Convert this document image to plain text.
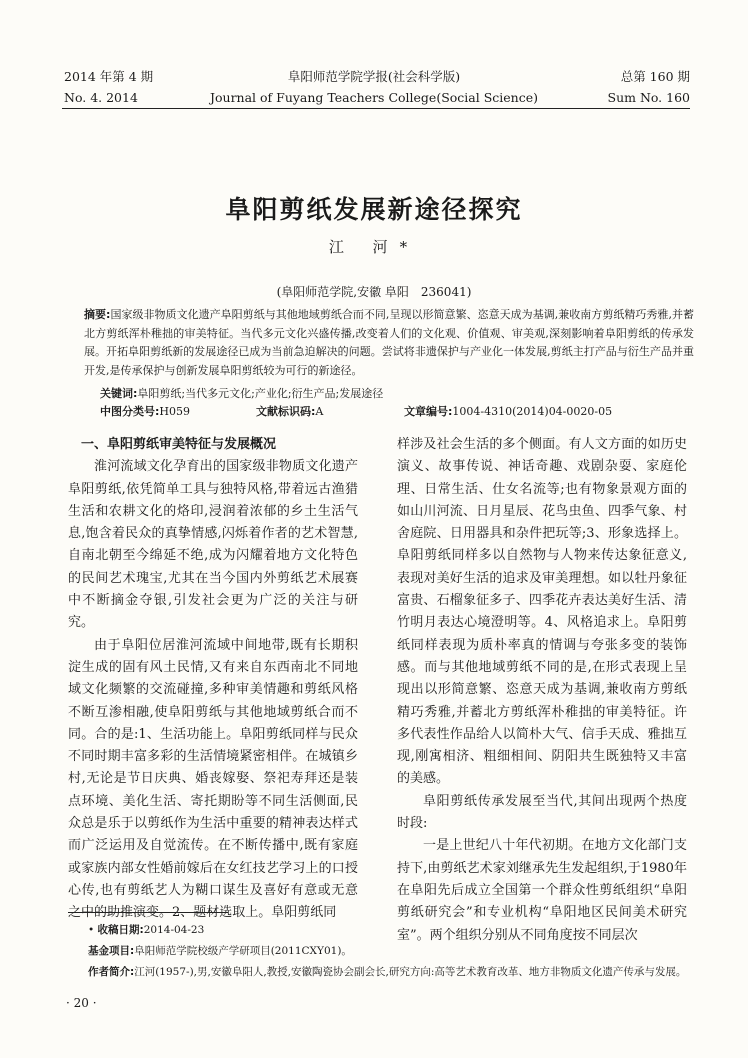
2014 年第 4 期
No. 4. 2014
阜阳师范学院学报(社会科学版)
Journal of Fuyang Teachers College(Social Science)
总第 160 期
Sum No. 160
阜阳剪纸发展新途径探究
江 河*
(阜阳师范学院,安徽 阜阳　236041)
摘要:国家级非物质文化遗产阜阳剪纸与其他地域剪纸合而不同,呈现以形简意繁、恣意天成为基调,兼收南方剪纸精巧秀雅,并蓄北方剪纸浑朴稚拙的审美特征。当代多元文化兴盛传播,改变着人们的文化观、价值观、审美观,深刻影响着阜阳剪纸的传承发展。开拓阜阳剪纸新的发展途径已成为当前急迫解决的问题。尝试将非遗保护与产业化一体发展,剪纸主打产品与衍生产品并重开发,是传承保护与创新发展阜阳剪纸较为可行的新途径。
关键词:阜阳剪纸;当代多元文化;产业化;衍生产品;发展途径
中图分类号:H059	文献标识码:A	文章编号:1004-4310(2014)04-0020-05
一、阜阳剪纸审美特征与发展概况

淮河流域文化孕育出的国家级非物质文化遗产阜阳剪纸,依凭简单工具与独特风格,带着远古渔猎生活和农耕文化的烙印,浸润着浓郁的乡土生活气息,饱含着民众的真挚情感,闪烁着作者的艺术智慧,自南北朝至今绵延不绝,成为闪耀着地方文化特色的民间艺术瑰宝,尤其在当今国内外剪纸艺术展赛中不断摘金夺银,引发社会更为广泛的关注与研究。

由于阜阳位居淮河流域中间地带,既有长期积淀生成的固有风土民情,又有来自东西南北不同地域文化频繁的交流碰撞,多种审美情趣和剪纸风格不断互渗相融,使阜阳剪纸与其他地域剪纸合而不同。合的是:1、生活功能上。阜阳剪纸同样与民众不同时期丰富多彩的生活情境紧密相伴。在城镇乡村,无论是节日庆典、婚丧嫁娶、祭祀寿拜还是装点环境、美化生活、寄托期盼等不同生活侧面,民众总是乐于以剪纸作为生活中重要的精神表达样式而广泛运用及自觉流传。在不断传播中,既有家庭或家族内部女性婚前嫁后在女红技艺学习上的口授心传,也有剪纸艺人为糊口谋生及喜好有意或无意之中的助推演变。2、题材选取上。阜阳剪纸同

样涉及社会生活的多个侧面。有人文方面的如历史演义、故事传说、神话奇趣、戏剧杂耍、家庭伦理、日常生活、仕女名流等;也有物象景观方面的如山川河流、日月星辰、花鸟虫鱼、四季气象、村舍庭院、日用器具和杂件把玩等;3、形象选择上。阜阳剪纸同样多以自然物与人物来传达象征意义,表现对美好生活的追求及审美理想。如以牡丹象征富贵、石榴象征多子、四季花卉表达美好生活、清竹明月表达心境澄明等。4、风格追求上。阜阳剪纸同样表现为质朴率真的情调与夸张多变的装饰感。而与其他地域剪纸不同的是,在形式表现上呈现出以形简意繁、恣意天成为基调,兼收南方剪纸精巧秀雅,并蓄北方剪纸浑朴稚拙的审美特征。许多代表性作品给人以简朴大气、信手天成、雅拙互现,刚寓相济、粗细相间、阴阳共生既独特又丰富的美感。

阜阳剪纸传承发展至当代,其间出现两个热度时段:

一是上世纪八十年代初期。在地方文化部门支持下,由剪纸艺术家刘继承先生发起组织,于1980年在阜阳先后成立全国第一个群众性剪纸组织“阜阳剪纸研究会”和专业机构“阜阳地区民间美术研究室”。两个组织分别从不同角度按不同层次

• 收稿日期:2014-04-23
基金项目:阜阳师范学院校级产学研项目(2011CXY01)。
作者简介:江河(1957-),男,安徽阜阳人,教授,安徽陶瓷协会副会长,研究方向:高等艺术教育改革、地方非物质文化遗产传承与发展。
· 20 ·
